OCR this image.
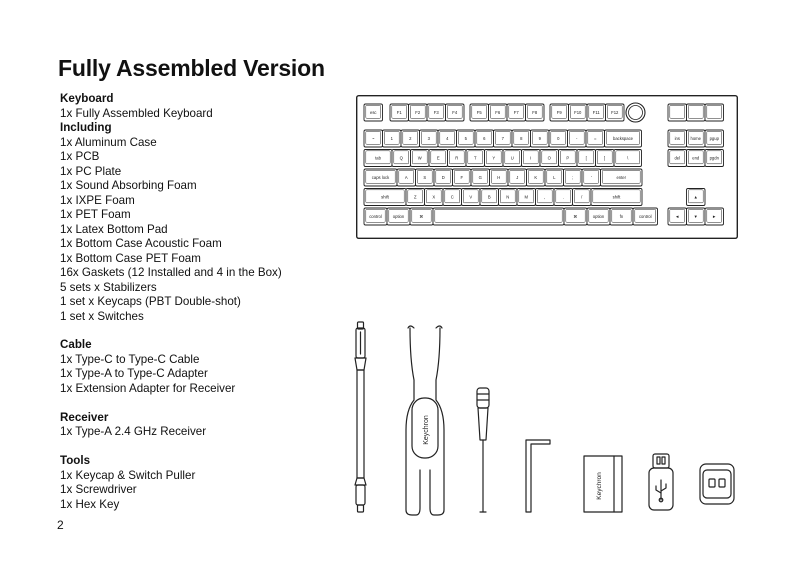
Fully Assembled Version
Keyboard
1x Fully Assembled Keyboard
Including
1x Aluminum Case
1x PCB
1x PC Plate
1x Sound Absorbing Foam
1x IXPE Foam
1x PET Foam
1x Latex Bottom Pad
1x Bottom Case Acoustic Foam
1x Bottom Case PET Foam
16x Gaskets (12 Installed and 4 in the Box)
5 sets x Stabilizers
1 set x Keycaps (PBT Double-shot)
1 set x Switches
Cable
1x Type-C to Type-C Cable
1x Type-A to Type-C Adapter
1x Extension Adapter for Receiver
Receiver
1x Type-A 2.4 GHz Receiver
Tools
1x Keycap & Switch Puller
1x Screwdriver
1x Hex Key
2
esc	F1	F2	F3	F4	F5	F6	F7	F8	F9	F10	F11	F12
~	1	2	3	4	5	6	7	8	9	0	-	=	backspace
tab	Q	W	E	R	T	Y	U	I	O	P	[	]	\
caps lock	A	S	D	F	G	H	J	K	L	;	'	enter
shift	Z	X	C	V	B	N	M	,	.	/	shift
control	option	⌘	⌘	option	fn	control
ins	home pgup
del	end pgdn
▲
◄	▼	►
Keychron
Keychron
